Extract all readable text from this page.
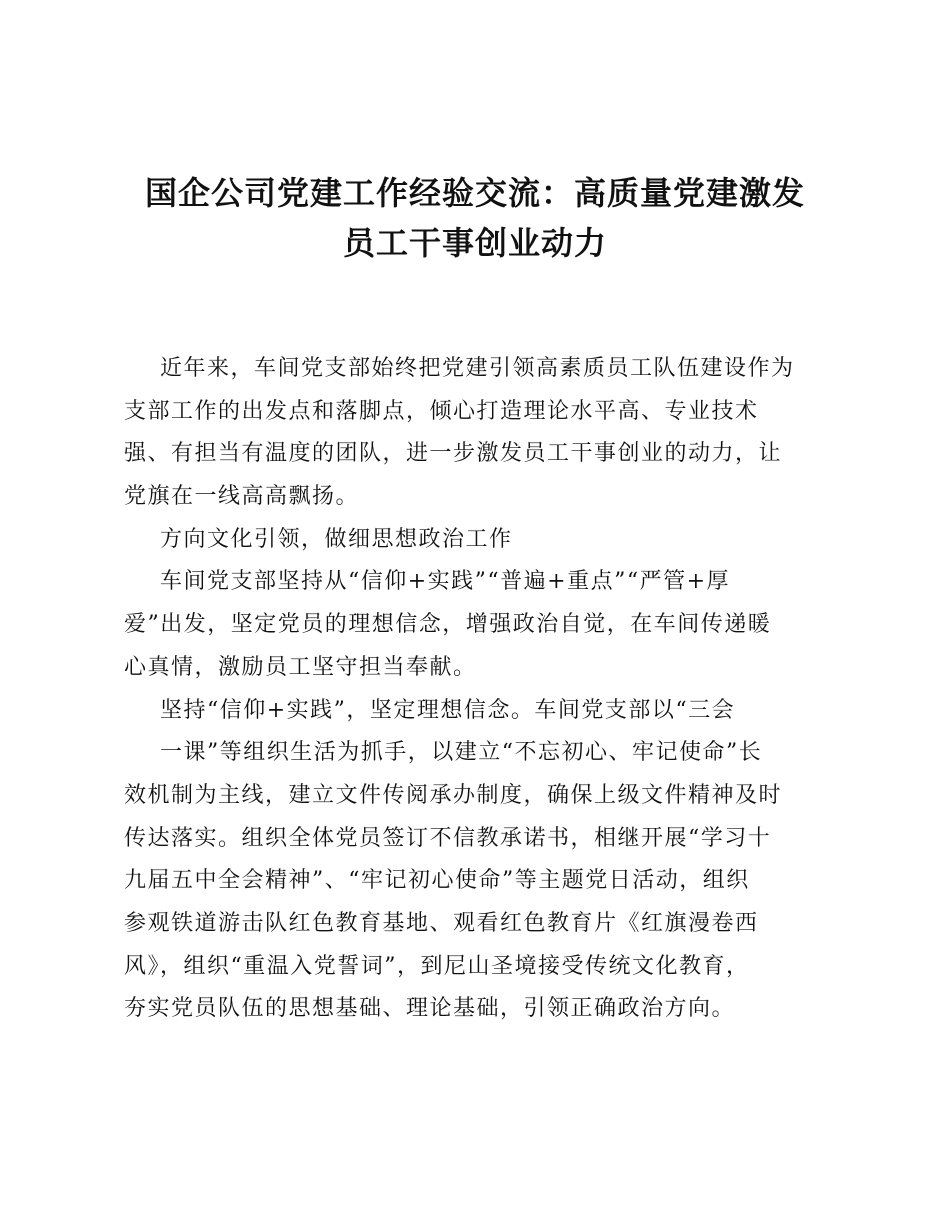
国企公司党建工作经验交流：高质量党建激发
员工干事创业动力
近年来，车间党支部始终把党建引领高素质员工队伍建设作为
支部工作的出发点和落脚点，倾心打造理论水平高、专业技术
强、有担当有温度的团队，进一步激发员工干事创业的动力，让
党旗在一线高高飘扬。
方向文化引领，做细思想政治工作
车间党支部坚持从“信仰+实践”“普遍+重点”“严管+厚
爱”出发，坚定党员的理想信念，增强政治自觉，在车间传递暖
心真情，激励员工坚守担当奉献。
坚持“信仰+实践”，坚定理想信念。车间党支部以“三会
一课”等组织生活为抓手，以建立“不忘初心、牢记使命”长
效机制为主线，建立文件传阅承办制度，确保上级文件精神及时
传达落实。组织全体党员签订不信教承诺书，相继开展“学习十
九届五中全会精神”、“牢记初心使命”等主题党日活动，组织
参观铁道游击队红色教育基地、观看红色教育片《红旗漫卷西
风》，组织“重温入党誓词”，到尼山圣境接受传统文化教育，
夯实党员队伍的思想基础、理论基础，引领正确政治方向。
